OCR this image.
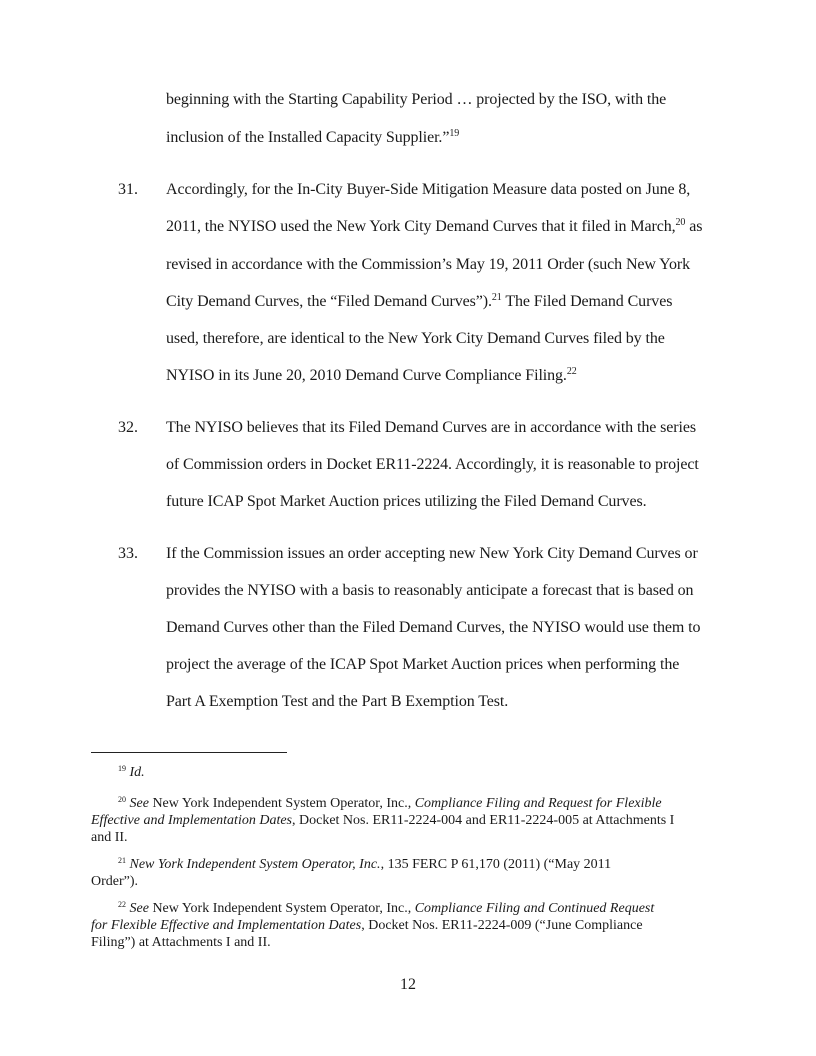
beginning with the Starting Capability Period … projected by the ISO, with the
inclusion of the Installed Capacity Supplier.”$^{19}$
31. Accordingly, for the In-City Buyer-Side Mitigation Measure data posted on June 8,
2011, the NYISO used the New York City Demand Curves that it filed in March,$^{20}$ as
revised in accordance with the Commission’s May 19, 2011 Order (such New York
City Demand Curves, the “Filed Demand Curves”).$^{21}$ The Filed Demand Curves
used, therefore, are identical to the New York City Demand Curves filed by the
NYISO in its June 20, 2010 Demand Curve Compliance Filing.$^{22}$
32. The NYISO believes that its Filed Demand Curves are in accordance with the series
of Commission orders in Docket ER11-2224. Accordingly, it is reasonable to project
future ICAP Spot Market Auction prices utilizing the Filed Demand Curves.
33. If the Commission issues an order accepting new New York City Demand Curves or
provides the NYISO with a basis to reasonably anticipate a forecast that is based on
Demand Curves other than the Filed Demand Curves, the NYISO would use them to
project the average of the ICAP Spot Market Auction prices when performing the
Part A Exemption Test and the Part B Exemption Test.
$^{19}$ Id.
$^{20}$ See New York Independent System Operator, Inc., Compliance Filing and Request for Flexible
Effective and Implementation Dates, Docket Nos. ER11-2224-004 and ER11-2224-005 at Attachments I
and II.
$^{21}$ New York Independent System Operator, Inc., 135 FERC P 61,170 (2011) (“May 2011
Order”).
$^{22}$ See New York Independent System Operator, Inc., Compliance Filing and Continued Request
for Flexible Effective and Implementation Dates, Docket Nos. ER11-2224-009 (“June Compliance
Filing”) at Attachments I and II.
12
